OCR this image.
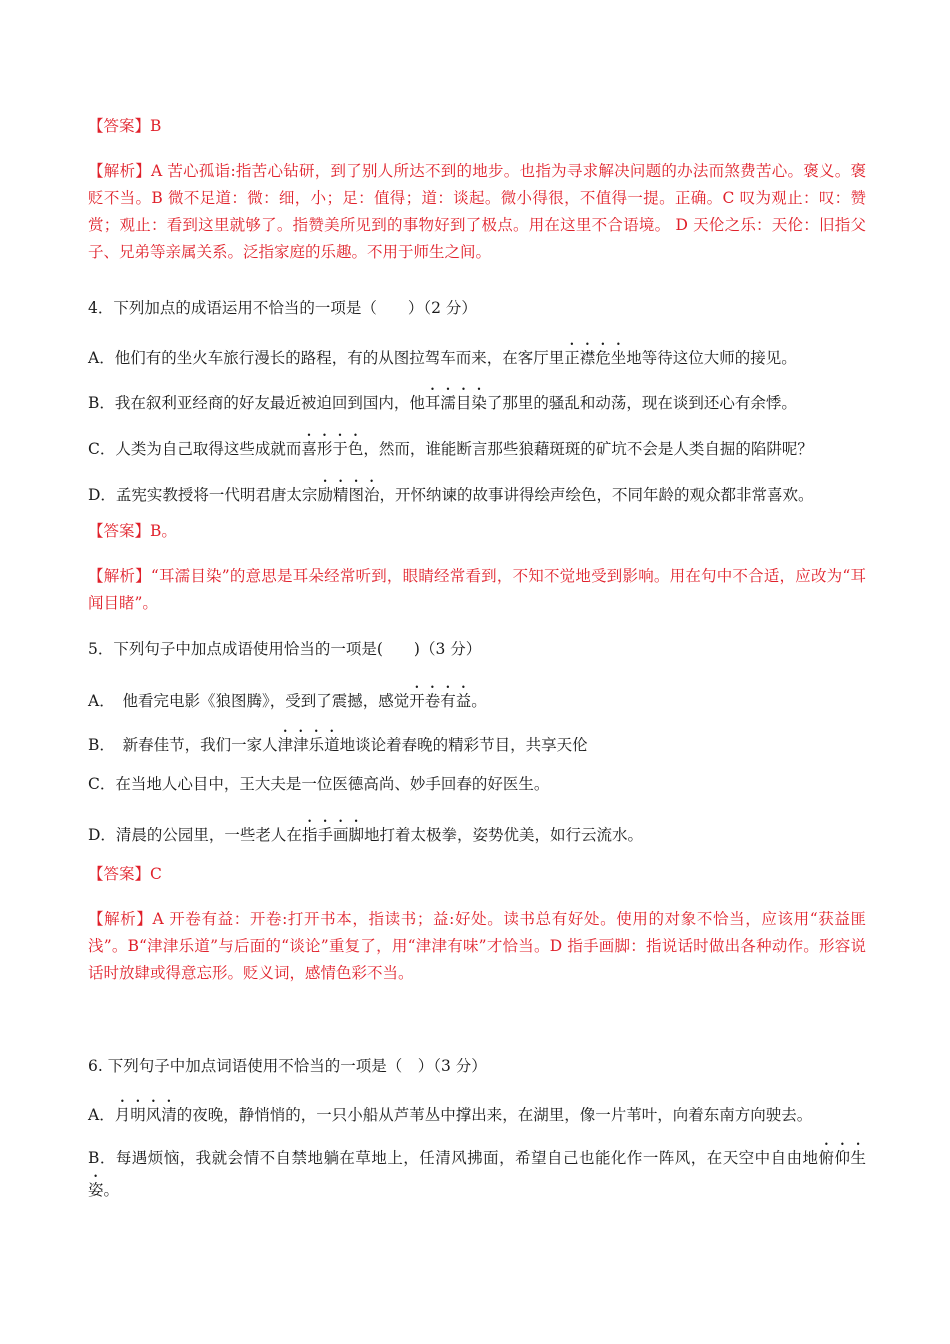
【答案】B
【解析】A 苦心孤诣:指苦心钻研，到了别人所达不到的地步。也指为寻求解决问题的办法而煞费苦心。褒义。褒贬不当。B 微不足道：微：细，小；足：值得；道：谈起。微小得很，不值得一提。正确。C 叹为观止：叹：赞赏；观止：看到这里就够了。指赞美所见到的事物好到了极点。用在这里不合语境。 D 天伦之乐：天伦：旧指父子、兄弟等亲属关系。泛指家庭的乐趣。不用于师生之间。
4．下列加点的成语运用不恰当的一项是（　　）（2 分）
A．他们有的坐火车旅行漫长的路程，有的从图拉驾车而来，在客厅里正襟危坐地等待这位大师的接见。
B．我在叙利亚经商的好友最近被迫回到国内，他耳濡目染了那里的骚乱和动荡，现在谈到还心有余悸。
C．人类为自己取得这些成就而喜形于色，然而，谁能断言那些狼藉斑斑的矿坑不会是人类自掘的陷阱呢？
D．孟宪实教授将一代明君唐太宗励精图治，开怀纳谏的故事讲得绘声绘色，不同年龄的观众都非常喜欢。
【答案】B。
【解析】“耳濡目染”的意思是耳朵经常听到，眼睛经常看到，不知不觉地受到影响。用在句中不合适，应改为“耳闻目睹”。
5．下列句子中加点成语使用恰当的一项是(　　)（3 分）
A．　他看完电影《狼图腾》，受到了震撼，感觉开卷有益。
B．　新春佳节，我们一家人津津乐道地谈论着春晚的精彩节目，共享天伦
C．在当地人心目中，王大夫是一位医德高尚、妙手回春的好医生。
D．清晨的公园里，一些老人在指手画脚地打着太极拳，姿势优美，如行云流水。
【答案】C
【解析】A 开卷有益：开卷:打开书本，指读书；益:好处。读书总有好处。使用的对象不恰当，应该用“获益匪浅”。B“津津乐道”与后面的“谈论”重复了，用“津津有味”才恰当。D 指手画脚：指说话时做出各种动作。形容说话时放肆或得意忘形。贬义词，感情色彩不当。
6. 下列句子中加点词语使用不恰当的一项是（　）（3 分）
A．月明风清的夜晚，静悄悄的，一只小船从芦苇丛中撑出来，在湖里，像一片苇叶，向着东南方向驶去。
B．每遇烦恼，我就会情不自禁地躺在草地上，任清风拂面，希望自己也能化作一阵风，在天空中自由地俯仰生姿。
